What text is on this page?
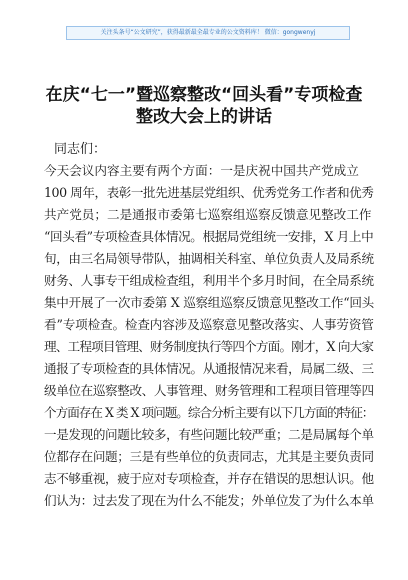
关注头条号“公文研究”，获得最新最全最专业的公文资料库！ 微信：gongwenyj
在庆“七一”暨巡察整改“回头看”专项检查
整改大会上的讲话
同志们：
今天会议内容主要有两个方面：一是庆祝中国共产党成立
100 周年，表彰一批先进基层党组织、优秀党务工作者和优秀
共产党员；二是通报市委第七巡察组巡察反馈意见整改工作
“回头看”专项检查具体情况。根据局党组统一安排，X 月上中
旬，由三名局领导带队，抽调相关科室、单位负责人及局系统
财务、人事专干组成检查组，利用半个多月时间，在全局系统
集中开展了一次市委第 X 巡察组巡察反馈意见整改工作“回头
看”专项检查。检查内容涉及巡察意见整改落实、人事劳资管
理、工程项目管理、财务制度执行等四个方面。刚才，X 向大家
通报了专项检查的具体情况。从通报情况来看，局属二级、三
级单位在巡察整改、人事管理、财务管理和工程项目管理等四
个方面存在 X 类 X 项问题。综合分析主要有以下几方面的特征：
一是发现的问题比较多，有些问题比较严重；二是局属每个单
位都存在问题；三是有些单位的负责同志，尤其是主要负责同
志不够重视，疲于应对专项检查，并存在错误的思想认识。他
们认为：过去发了现在为什么不能发；外单位发了为什么本单
